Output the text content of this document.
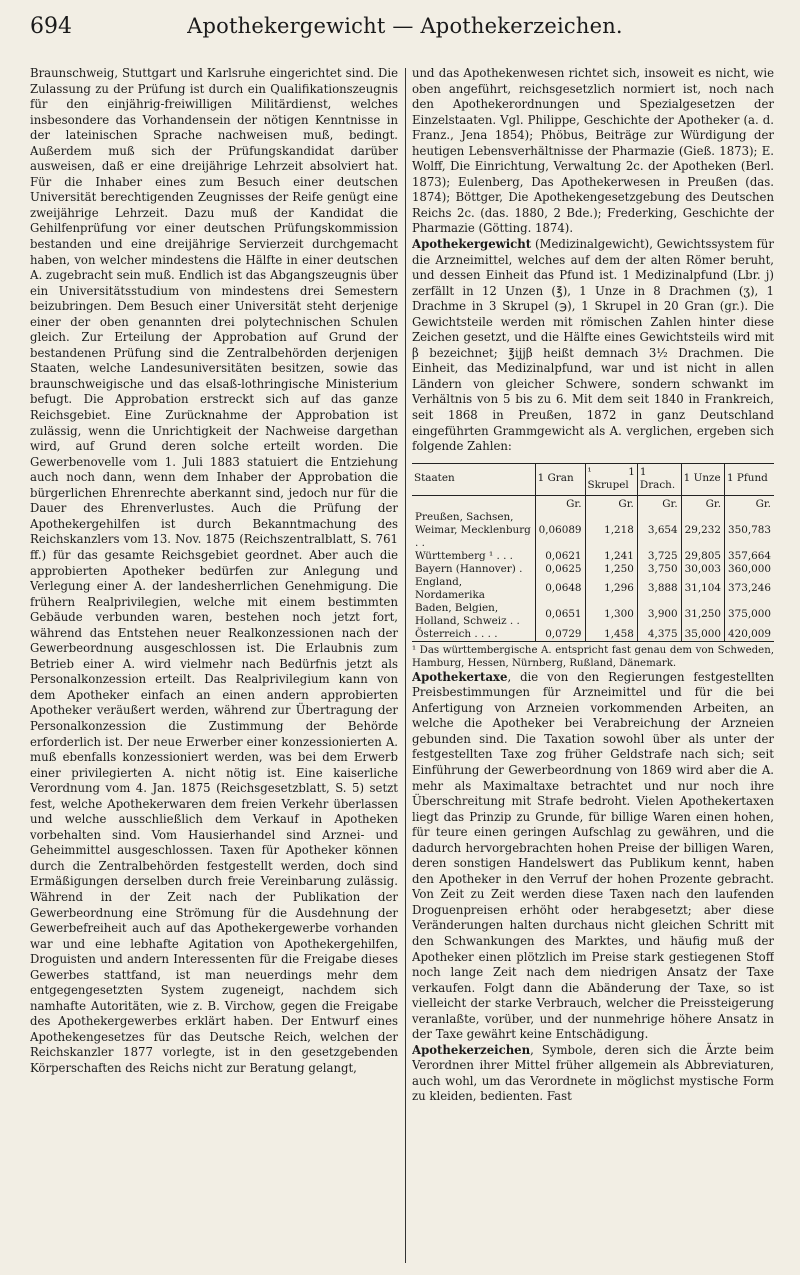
694	Apothekergewicht — Apothekerzeichen.

Braunschweig, Stuttgart und Karlsruhe eingerichtet sind. Die Zulassung zu der Prüfung ist durch ein Qualifikationszeugnis für den einjährig-freiwilligen Militärdienst, welches insbesondere das Vorhandensein der nötigen Kenntnisse in der lateinischen Sprache nachweisen muß, bedingt. Außerdem muß sich der Prüfungskandidat darüber ausweisen, daß er eine dreijährige Lehrzeit absolviert hat. Für die Inhaber eines zum Besuch einer deutschen Universität berechtigenden Zeugnisses der Reife genügt eine zweijährige Lehrzeit. Dazu muß der Kandidat die Gehilfenprüfung vor einer deutschen Prüfungskommission bestanden und eine dreijährige Servierzeit durchgemacht haben, von welcher mindestens die Hälfte in einer deutschen A. zugebracht sein muß. Endlich ist das Abgangszeugnis über ein Universitätsstudium von mindestens drei Semestern beizubringen. Dem Besuch einer Universität steht derjenige einer der oben genannten drei polytechnischen Schulen gleich. Zur Erteilung der Approbation auf Grund der bestandenen Prüfung sind die Zentralbehörden derjenigen Staaten, welche Landesuniversitäten besitzen, sowie das braunschweigische und das elsaß-lothringische Ministerium befugt. Die Approbation erstreckt sich auf das ganze Reichsgebiet. Eine Zurücknahme der Approbation ist zulässig, wenn die Unrichtigkeit der Nachweise dargethan wird, auf Grund deren solche erteilt worden. Die Gewerbenovelle vom 1. Juli 1883 statuiert die Entziehung auch noch dann, wenn dem Inhaber der Approbation die bürgerlichen Ehrenrechte aberkannt sind, jedoch nur für die Dauer des Ehrenverlustes. Auch die Prüfung der Apothekergehilfen ist durch Bekanntmachung des Reichskanzlers vom 13. Nov. 1875 (Reichszentralblatt, S. 761 ff.) für das gesamte Reichsgebiet geordnet. Aber auch die approbierten Apotheker bedürfen zur Anlegung und Verlegung einer A. der landesherrlichen Genehmigung. Die frühern Realprivilegien, welche mit einem bestimmten Gebäude verbunden waren, bestehen noch jetzt fort, während das Entstehen neuer Realkonzessionen nach der Gewerbeordnung ausgeschlossen ist. Die Erlaubnis zum Betrieb einer A. wird vielmehr nach Bedürfnis jetzt als Personalkonzession erteilt. Das Realprivilegium kann von dem Apotheker einfach an einen andern approbierten Apotheker veräußert werden, während zur Übertragung der Personalkonzession die Zustimmung der Behörde erforderlich ist. Der neue Erwerber einer konzessionierten A. muß ebenfalls konzessioniert werden, was bei dem Erwerb einer privilegierten A. nicht nötig ist. Eine kaiserliche Verordnung vom 4. Jan. 1875 (Reichsgesetzblatt, S. 5) setzt fest, welche Apothekerwaren dem freien Verkehr überlassen und welche ausschließlich dem Verkauf in Apotheken vorbehalten sind. Vom Hausierhandel sind Arznei- und Geheimmittel ausgeschlossen. Taxen für Apotheker können durch die Zentralbehörden festgestellt werden, doch sind Ermäßigungen derselben durch freie Vereinbarung zulässig. Während in der Zeit nach der Publikation der Gewerbeordnung eine Strömung für die Ausdehnung der Gewerbefreiheit auch auf das Apothekergewerbe vorhanden war und eine lebhafte Agitation von Apothekergehilfen, Droguisten und andern Interessenten für die Freigabe dieses Gewerbes stattfand, ist man neuerdings mehr dem entgegengesetzten System zugeneigt, nachdem sich namhafte Autoritäten, wie z. B. Virchow, gegen die Freigabe des Apothekergewerbes erklärt haben. Der Entwurf eines Apothekengesetzes für das Deutsche Reich, welchen der Reichskanzler 1877 vorlegte, ist in den gesetzgebenden Körperschaften des Reichs nicht zur Beratung gelangt,

und das Apothekenwesen richtet sich, insoweit es nicht, wie oben angeführt, reichsgesetzlich normiert ist, noch nach den Apothekerordnungen und Spezialgesetzen der Einzelstaaten. Vgl. Philippe, Geschichte der Apotheker (a. d. Franz., Jena 1854); Phöbus, Beiträge zur Würdigung der heutigen Lebensverhältnisse der Pharmazie (Gieß. 1873); E. Wolff, Die Einrichtung, Verwaltung 2c. der Apotheken (Berl. 1873); Eulenberg, Das Apothekerwesen in Preußen (das. 1874); Böttger, Die Apothekengesetzgebung des Deutschen Reichs 2c. (das. 1880, 2 Bde.); Frederking, Geschichte der Pharmazie (Götting. 1874).

Apothekergewicht (Medizinalgewicht), Gewichtssystem für die Arzneimittel, welches auf dem der alten Römer beruht, und dessen Einheit das Pfund ist. 1 Medizinalpfund (Lbr. j) zerfällt in 12 Unzen (℥), 1 Unze in 8 Drachmen (ʒ), 1 Drachme in 3 Skrupel (℈), 1 Skrupel in 20 Gran (gr.). Die Gewichtsteile werden mit römischen Zahlen hinter diese Zeichen gesetzt, und die Hälfte eines Gewichtsteils wird mit β bezeichnet; ℥ijjβ heißt demnach 3½ Drachmen. Die Einheit, das Medizinalpfund, war und ist nicht in allen Ländern von gleicher Schwere, sondern schwankt im Verhältnis von 5 bis zu 6. Mit dem seit 1840 in Frankreich, seit 1868 in Preußen, 1872 in ganz Deutschland eingeführten Grammgewicht als A. verglichen, ergeben sich folgende Zahlen:

Staaten	1 Gran	¹ 1 Skrupel	1 Drach.	1 Unze	1 Pfund
	Gr.	Gr.	Gr.	Gr.	Gr.
Preußen, Sachsen, Weimar, Mecklenburg . .	0,06089	1,218	3,654	29,232	350,783
Württemberg ¹ . . .	0,0621	1,241	3,725	29,805	357,664
Bayern (Hannover) .	0,0625	1,250	3,750	30,003	360,000
England, Nordamerika	0,0648	1,296	3,888	31,104	373,246
Baden, Belgien, Holland, Schweiz . .	0,0651	1,300	3,900	31,250	375,000
Österreich . . . .	0,0729	1,458	4,375	35,000	420,009

¹ Das württembergische A. entspricht fast genau dem von Schweden, Hamburg, Hessen, Nürnberg, Rußland, Dänemark.

Apothekertaxe, die von den Regierungen festgestellten Preisbestimmungen für Arzneimittel und für die bei Anfertigung von Arzneien vorkommenden Arbeiten, an welche die Apotheker bei Verabreichung der Arzneien gebunden sind. Die Taxation sowohl über als unter der festgestellten Taxe zog früher Geldstrafe nach sich; seit Einführung der Gewerbeordnung von 1869 wird aber die A. mehr als Maximaltaxe betrachtet und nur noch ihre Überschreitung mit Strafe bedroht. Vielen Apothekertaxen liegt das Prinzip zu Grunde, für billige Waren einen hohen, für teure einen geringen Aufschlag zu gewähren, und die dadurch hervorgebrachten hohen Preise der billigen Waren, deren sonstigen Handelswert das Publikum kennt, haben den Apotheker in den Verruf der hohen Prozente gebracht. Von Zeit zu Zeit werden diese Taxen nach den laufenden Droguenpreisen erhöht oder herabgesetzt; aber diese Veränderungen halten durchaus nicht gleichen Schritt mit den Schwankungen des Marktes, und häufig muß der Apotheker einen plötzlich im Preise stark gestiegenen Stoff noch lange Zeit nach dem niedrigen Ansatz der Taxe verkaufen. Folgt dann die Abänderung der Taxe, so ist vielleicht der starke Verbrauch, welcher die Preissteigerung veranlaßte, vorüber, und der nunmehrige höhere Ansatz in der Taxe gewährt keine Entschädigung.

Apothekerzeichen, Symbole, deren sich die Ärzte beim Verordnen ihrer Mittel früher allgemein als Abbreviaturen, auch wohl, um das Verordnete in möglichst mystische Form zu kleiden, bedienten. Fast
